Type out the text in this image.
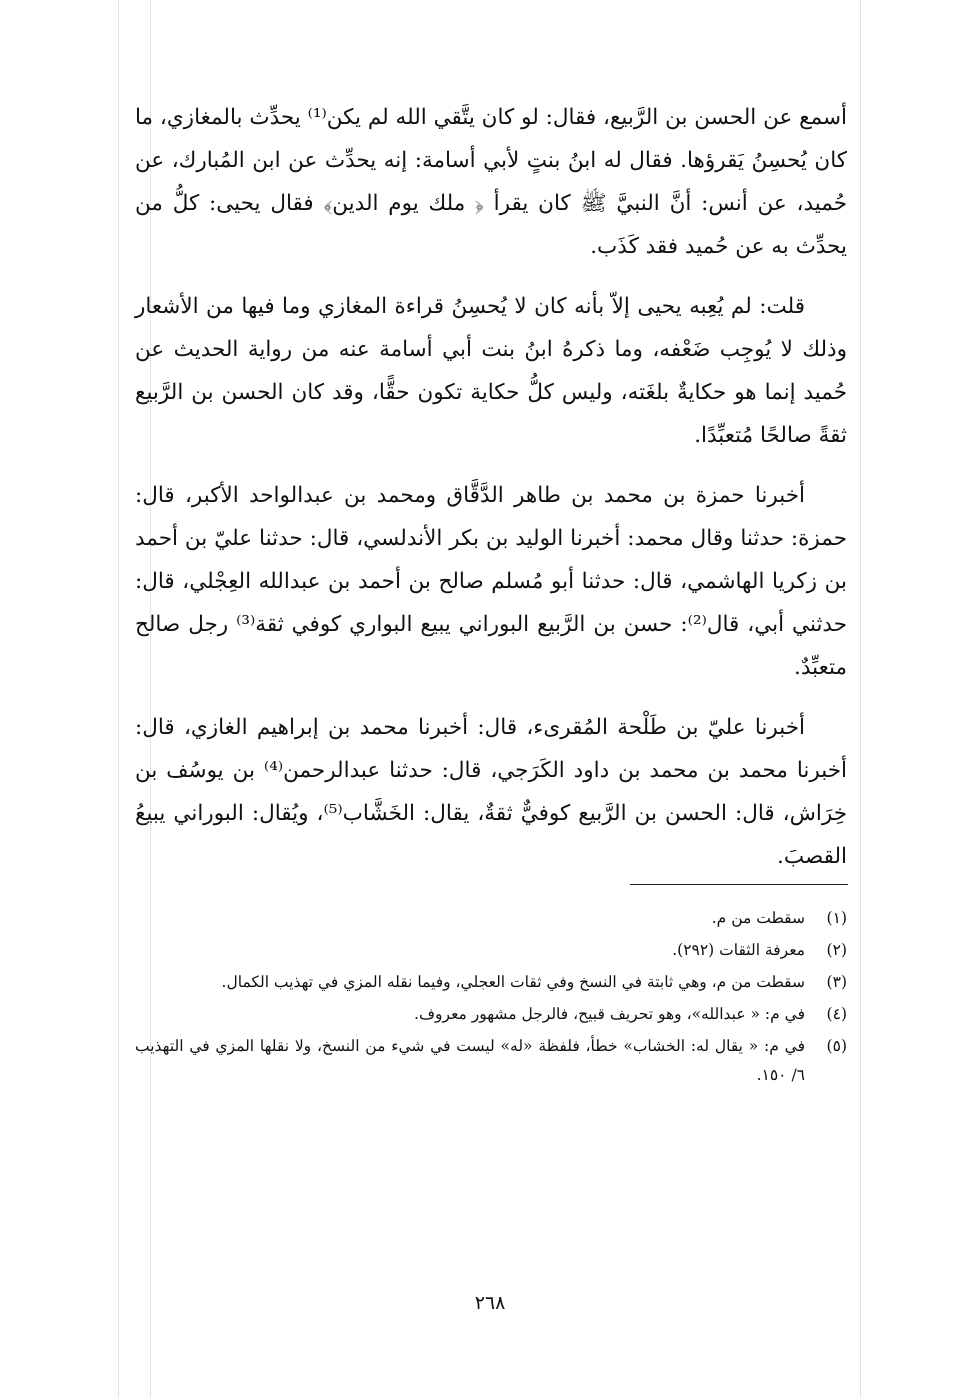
أسمع عن الحسن بن الرَّبيع، فقال: لو كان يتَّقي الله لم يكن⁽¹⁾ يحدِّث بالمغازي، ما كان يُحسِنُ يَقرؤها. فقال له ابنُ بنتٍ لأبي أسامة: إنه يحدِّث عن ابن المُبارك، عن حُميد، عن أنس: أنَّ النبيَّ ﷺ كان يقرأ ﴿ ملك يوم الدين﴾ فقال يحيى: كلُّ من يحدِّث به عن حُميد فقد كَذَب.

قلت: لم يُعِبه يحيى إلاّ بأنه كان لا يُحسِنُ قراءة المغازي وما فيها من الأشعار وذلك لا يُوجِب ضَعْفه، وما ذكرهُ ابنُ بنت أبي أسامة عنه من رواية الحديث عن حُميد إنما هو حكايةٌ بلغَته، وليس كلُّ حكاية تكون حقًّا، وقد كان الحسن بن الرَّبيع ثقةً صالحًا مُتعبِّدًا.

أخبرنا حمزة بن محمد بن طاهر الدَّقَّاق ومحمد بن عبدالواحد الأكبر، قال: حمزة: حدثنا وقال محمد: أخبرنا الوليد بن بكر الأندلسي، قال: حدثنا عليّ بن أحمد بن زكريا الهاشمي، قال: حدثنا أبو مُسلم صالح بن أحمد بن عبدالله العِجْلي، قال: حدثني أبي، قال⁽²⁾: حسن بن الرَّبيع البوراني يبيع البواري كوفي ثقة⁽³⁾ رجل صالح متعبِّدٌ.

أخبرنا عليّ بن طَلْحة المُقرىء، قال: أخبرنا محمد بن إبراهيم الغازي، قال: أخبرنا محمد بن محمد بن داود الكَرَجي، قال: حدثنا عبدالرحمن⁽⁴⁾ بن يوسُف بن خِرَاش، قال: الحسن بن الرَّبيع كوفيٌّ ثقةٌ، يقال: الخَشَّاب⁽⁵⁾، ويُقال: البوراني يبيعُ القصبَ.

(١)
سقطت من م.
(٢)
معرفة الثقات (٢٩٢).
(٣)
سقطت من م، وهي ثابتة في النسخ وفي ثقات العجلي، وفيما نقله المزي في تهذيب الكمال.
(٤)
في م: « عبدالله»، وهو تحريف قبيح، فالرجل مشهور معروف.
(٥)
في م: « يقال له: الخشاب» خطأ، فلفظة «له» ليست في شيء من النسخ، ولا نقلها المزي في التهذيب ٦/ ١٥٠.
٢٦٨
